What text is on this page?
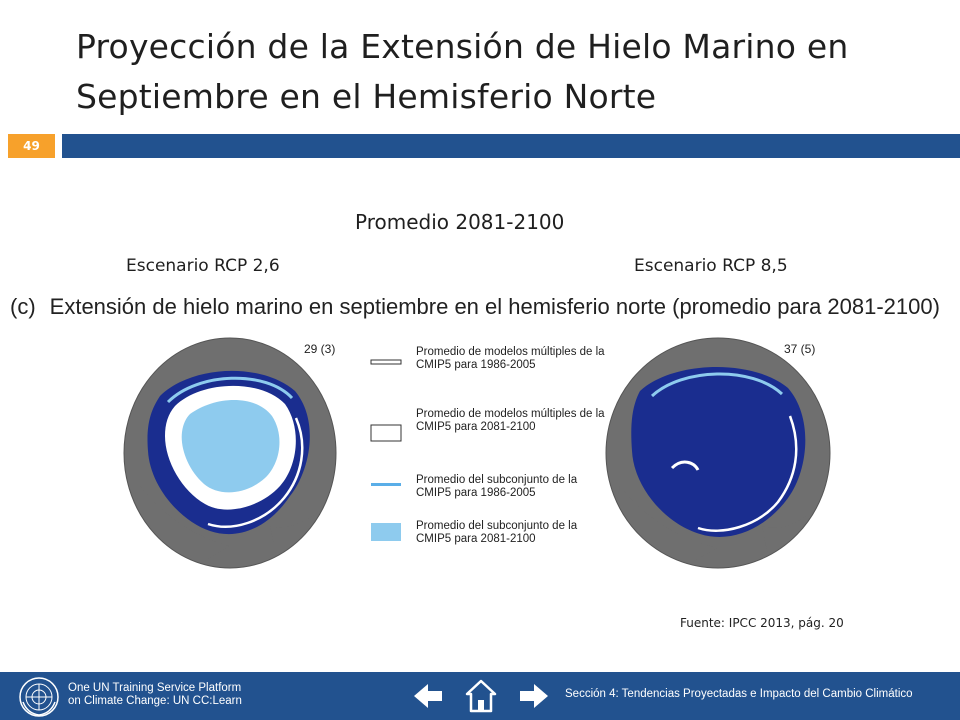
Proyección de la Extensión de Hielo Marino en Septiembre en el Hemisferio Norte
49
Promedio 2081-2100
Escenario RCP 2,6	Escenario RCP 8,5
(c) Extensión de hielo marino en septiembre en el hemisferio norte (promedio para 2081-2100)
29 (3)	37 (5)
Promedio de modelos múltiples de la CMIP5 para 1986-2005
Promedio de modelos múltiples de la CMIP5 para 2081-2100
Promedio del subconjunto de la CMIP5 para 1986-2005
Promedio del subconjunto de la CMIP5 para 2081-2100
Fuente: IPCC 2013, pág. 20
One UN Training Service Platform
on Climate Change: UN CC:Learn
Sección 4: Tendencias Proyectadas e Impacto del Cambio Climático
